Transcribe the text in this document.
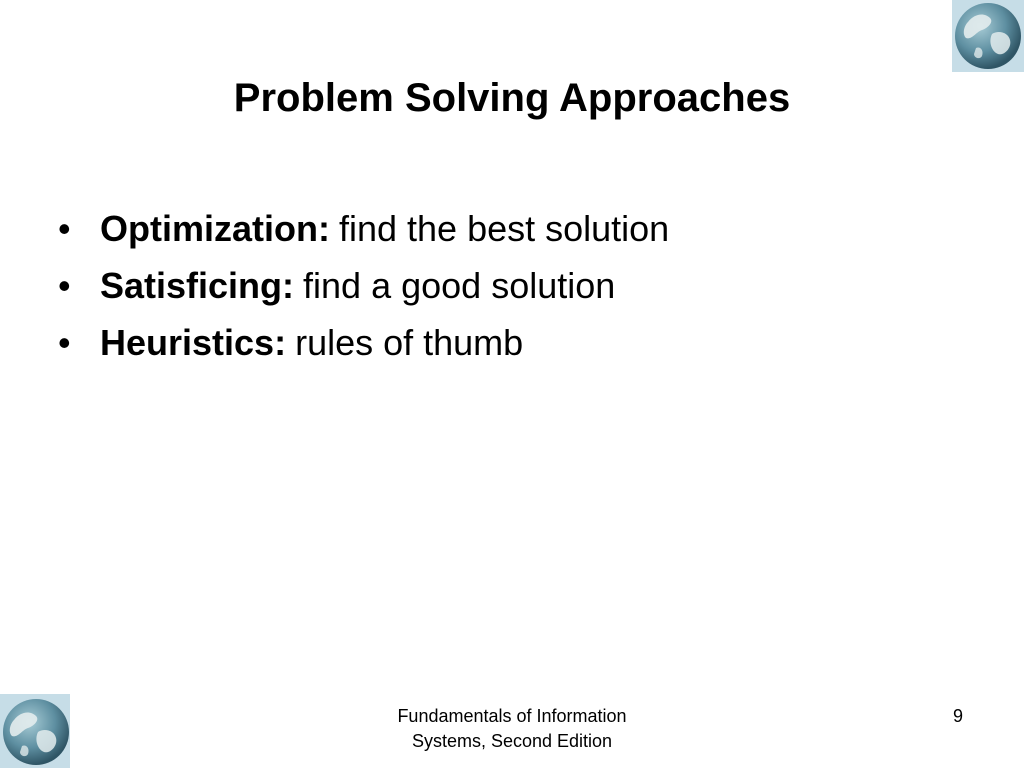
Problem Solving Approaches
• Optimization: find the best solution
• Satisficing: find a good solution
• Heuristics: rules of thumb
Fundamentals of Information
Systems, Second Edition
9
